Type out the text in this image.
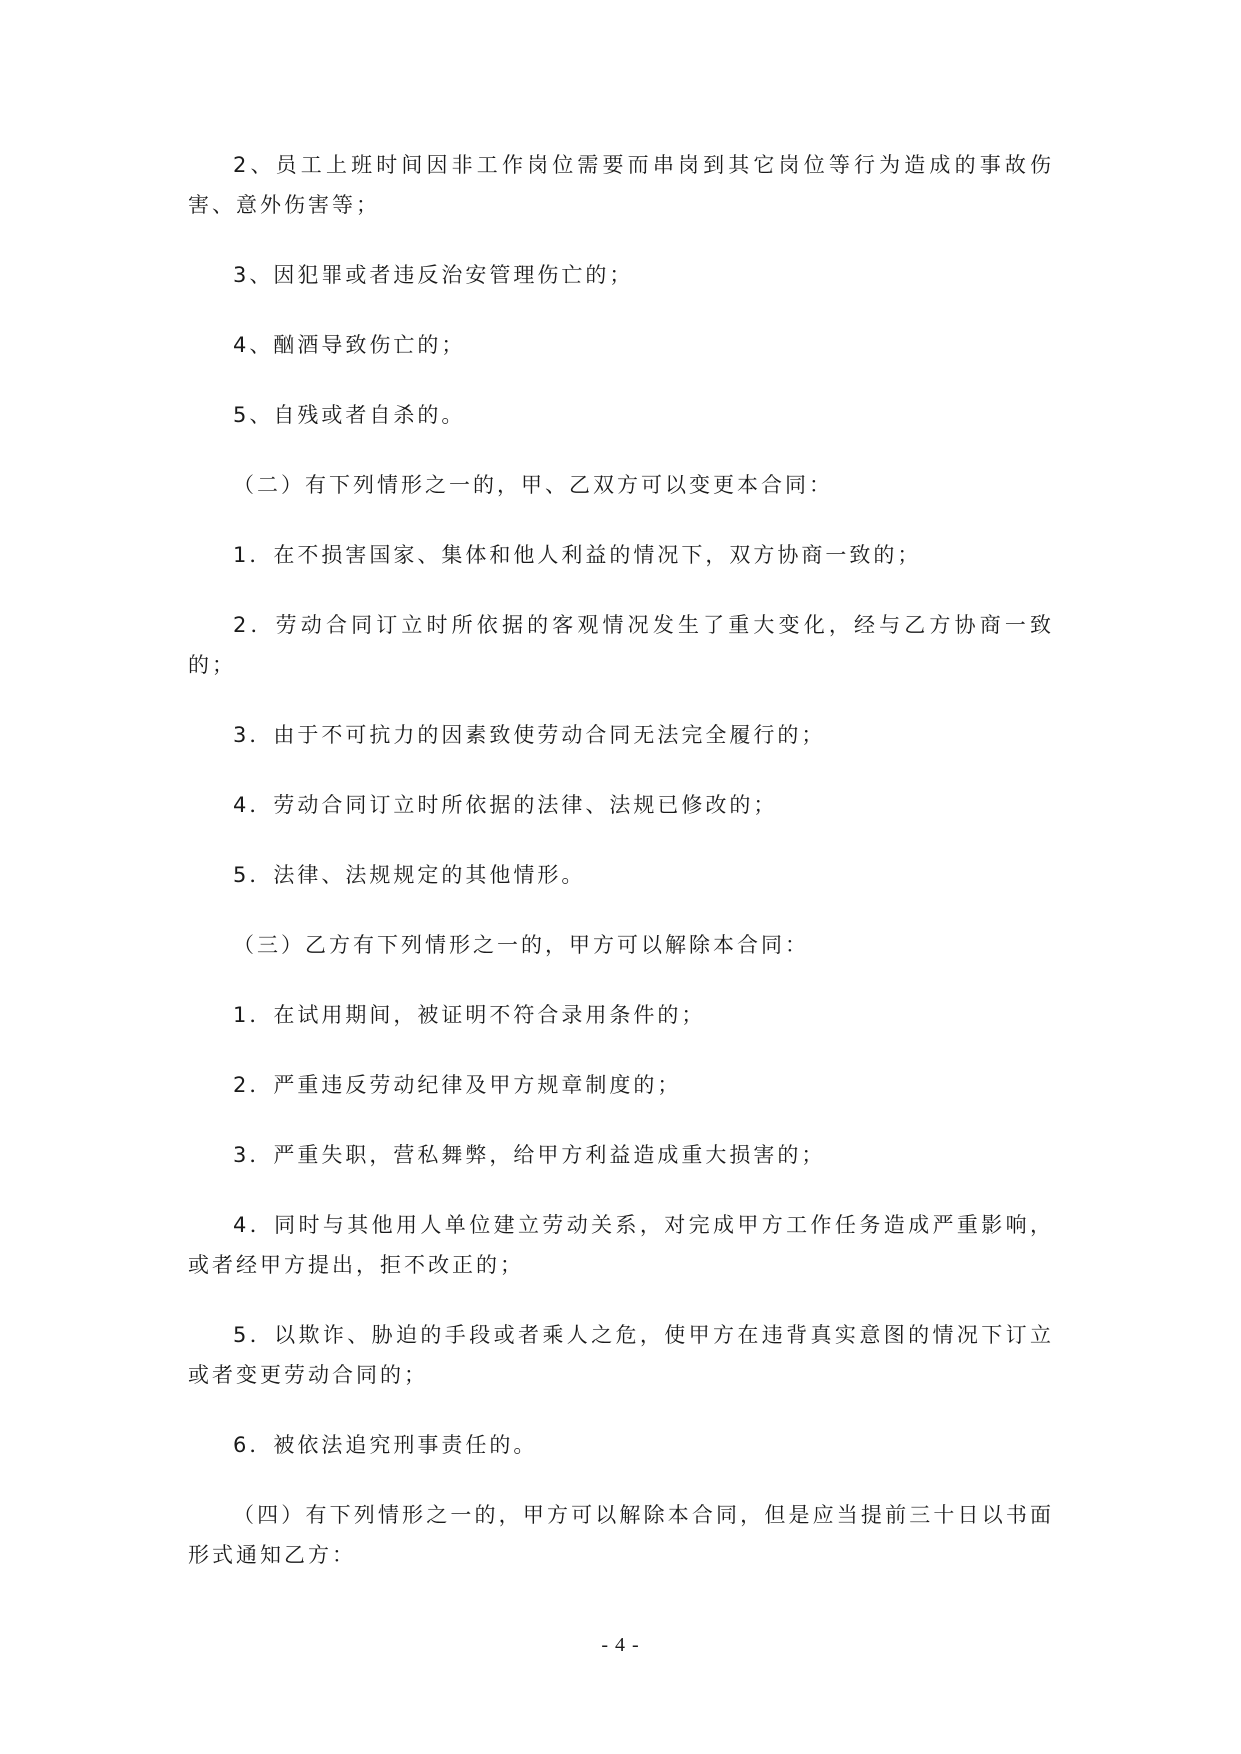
2、员工上班时间因非工作岗位需要而串岗到其它岗位等行为造成的事故伤害、意外伤害等；

3、因犯罪或者违反治安管理伤亡的；

4、酗酒导致伤亡的；

5、自残或者自杀的。

（二）有下列情形之一的，甲、乙双方可以变更本合同：

1．在不损害国家、集体和他人利益的情况下，双方协商一致的；

2．劳动合同订立时所依据的客观情况发生了重大变化，经与乙方协商一致的；

3．由于不可抗力的因素致使劳动合同无法完全履行的；

4．劳动合同订立时所依据的法律、法规已修改的；

5．法律、法规规定的其他情形。

（三）乙方有下列情形之一的，甲方可以解除本合同：

1．在试用期间，被证明不符合录用条件的；

2．严重违反劳动纪律及甲方规章制度的；

3．严重失职，营私舞弊，给甲方利益造成重大损害的；

4．同时与其他用人单位建立劳动关系，对完成甲方工作任务造成严重影响，或者经甲方提出，拒不改正的；

5．以欺诈、胁迫的手段或者乘人之危，使甲方在违背真实意图的情况下订立或者变更劳动合同的；

6．被依法追究刑事责任的。

（四）有下列情形之一的，甲方可以解除本合同，但是应当提前三十日以书面形式通知乙方：

- 4 -
